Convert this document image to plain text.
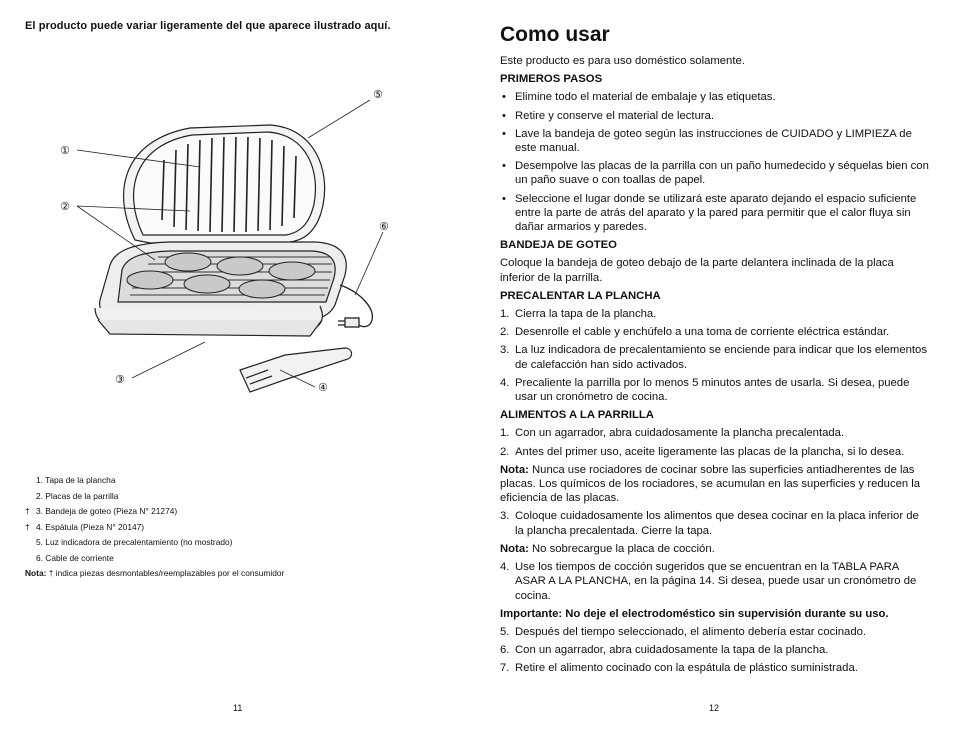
El producto puede variar ligeramente del que aparece ilustrado aquí.
①
②
③
④
⑤
⑥
1. Tapa de la plancha
2. Placas de la parrilla
† 3. Bandeja de goteo (Pieza N° 21274)
† 4. Espátula (Pieza N° 20147)
5. Luz indicadora de precalentamiento (no mostrado)
6. Cable de corriente
Nota: † indica piezas desmontables/reemplazables por el consumidor
11
Como usar
Este producto es para uso doméstico solamente.
PRIMEROS PASOS
• Elimine todo el material de embalaje y las etiquetas.
• Retire y conserve el material de lectura.
• Lave la bandeja de goteo según las instrucciones de CUIDADO y LIMPIEZA de este manual.
• Desempolve las placas de la parrilla con un paño humedecido y séquelas bien con un paño suave o con toallas de papel.
• Seleccione el lugar donde se utilizará este aparato dejando el espacio suficiente entre la parte de atrás del aparato y la pared para permitir que el calor fluya sin dañar armarios y paredes.
BANDEJA DE GOTEO
Coloque la bandeja de goteo debajo de la parte delantera inclinada de la placa inferior de la parrilla.
PRECALENTAR LA PLANCHA
1. Cierra la tapa de la plancha.
2. Desenrolle el cable y enchúfelo a una toma de corriente eléctrica estándar.
3. La luz indicadora de precalentamiento se enciende para indicar que los elementos de calefacción han sido activados.
4. Precaliente la parrilla por lo menos 5 minutos antes de usarla. Si desea, puede usar un cronómetro de cocina.
ALIMENTOS A LA PARRILLA
1. Con un agarrador, abra cuidadosamente la plancha precalentada.
2. Antes del primer uso, aceite ligeramente las placas de la plancha, si lo desea.
Nota: Nunca use rociadores de cocinar sobre las superficies antiadherentes de las placas. Los químicos de los rociadores, se acumulan en las superficies y reducen la eficiencia de las placas.
3. Coloque cuidadosamente los alimentos que desea cocinar en la placa inferior de la plancha precalentada. Cierre la tapa.
Nota: No sobrecargue la placa de cocción.
4. Use los tiempos de cocción sugeridos que se encuentran en la TABLA PARA ASAR A LA PLANCHA, en la página 14. Si desea, puede usar un cronómetro de cocina.
Importante: No deje el electrodoméstico sin supervisión durante su uso.
5. Después del tiempo seleccionado, el alimento debería estar cocinado.
6. Con un agarrador, abra cuidadosamente la tapa de la plancha.
7. Retire el alimento cocinado con la espátula de plástico suministrada.
12
